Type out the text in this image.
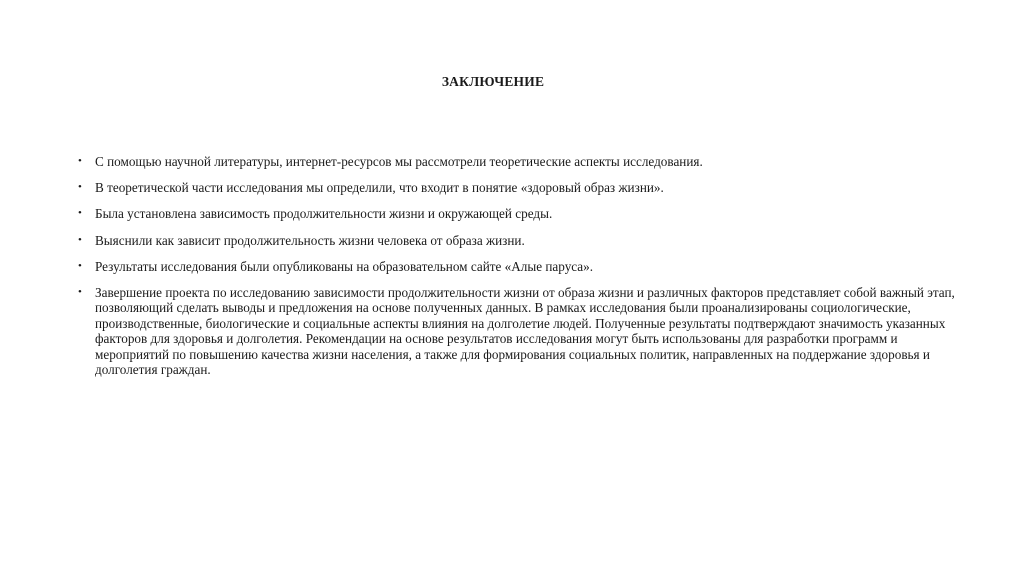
ЗАКЛЮЧЕНИЕ
• С помощью научной литературы, интернет-ресурсов мы рассмотрели теоретические аспекты исследования.
• В теоретической части исследования мы определили, что входит в понятие «здоровый образ жизни».
• Была установлена зависимость продолжительности жизни и окружающей среды.
• Выяснили как зависит продолжительность жизни человека от образа жизни.
• Результаты исследования были опубликованы на образовательном сайте «Алые паруса».
• Завершение проекта по исследованию зависимости продолжительности жизни от образа жизни и различных факторов представляет собой важный этап, позволяющий сделать выводы и предложения на основе полученных данных. В рамках исследования были проанализированы социологические, производственные, биологические и социальные аспекты влияния на долголетие людей. Полученные результаты подтверждают значимость указанных факторов для здоровья и долголетия. Рекомендации на основе результатов исследования могут быть использованы для разработки программ и мероприятий по повышению качества жизни населения, а также для формирования социальных политик, направленных на поддержание здоровья и долголетия граждан.
